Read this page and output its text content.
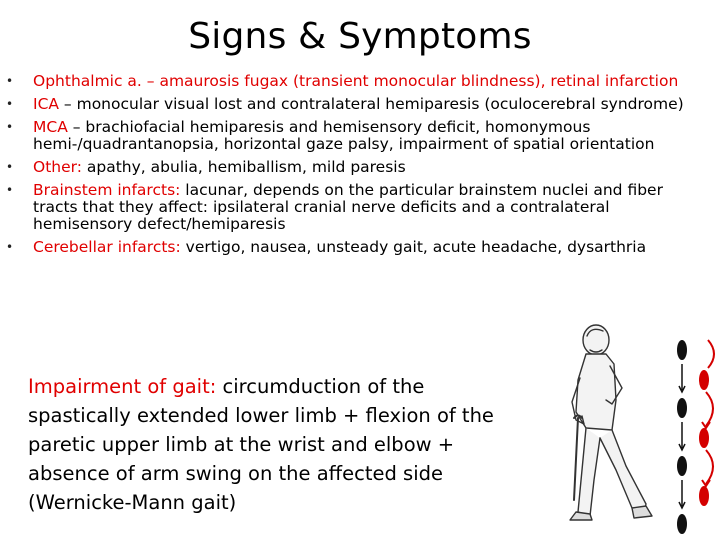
Signs & Symptoms
• Ophthalmic a. – amaurosis fugax (transient monocular blindness), retinal infarction
• ICA – monocular visual lost and contralateral hemiparesis (oculocerebral syndrome)
• MCA – brachiofacial hemiparesis and hemisensory deficit, homonymous hemi-/quadrantanopsia, horizontal gaze palsy, impairment of spatial orientation
• Other: apathy, abulia, hemiballism, mild paresis
• Brainstem infarcts: lacunar, depends on the particular brainstem nuclei and fiber tracts that they affect: ipsilateral cranial nerve deficits and a contralateral hemisensory defect/hemiparesis
• Cerebellar infarcts: vertigo, nausea, unsteady gait, acute headache, dysarthria
Impairment of gait: circumduction of the spastically extended lower limb + flexion of the paretic upper limb at the wrist and elbow + absence of arm swing on the affected side (Wernicke-Mann gait)
